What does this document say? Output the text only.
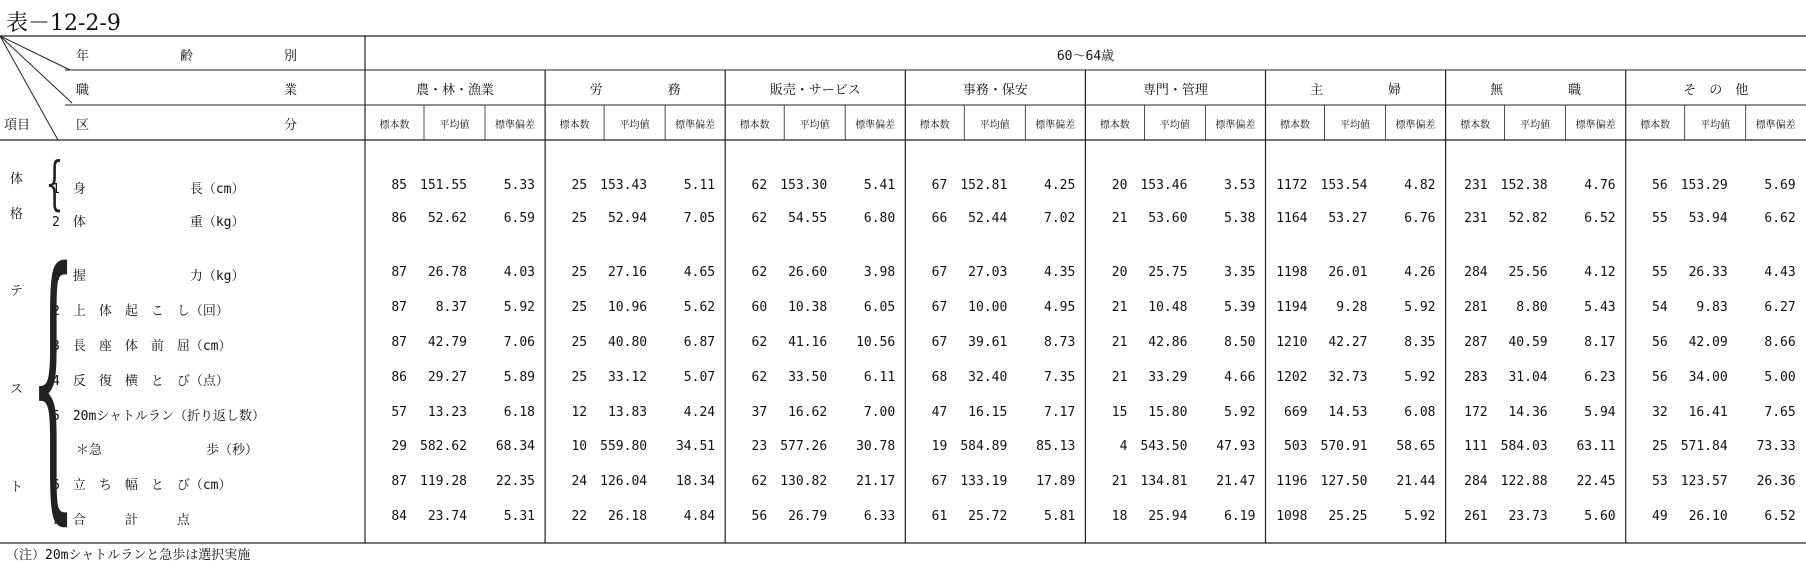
表－12-2-9
年　　　　　　　齢　　　　　　　別
職　　　　　　　　　　　　　　　業
区　　　　　　　　　　　　　　　分
項目
60～64歳
農・林・漁業
標本数	平均値	標準偏差
労　　　　　務
標本数	平均値	標準偏差
販売・サービス
標本数	平均値	標準偏差
事務・保安
標本数	平均値	標準偏差
専門・管理
標本数	平均値	標準偏差
主　　　　　婦
標本数	平均値	標準偏差
無　　　　　職
標本数	平均値	標準偏差
そ　の　他
標本数	平均値	標準偏差
1　身　　　　　　　　長（cm）	85 151.55	5.33	25 153.43	5.11	62 153.30	5.41	67 152.81	4.25	20 153.46	3.53 1172 153.54	4.82 231 152.38	4.76	56 153.29	5.69
2　体　　　　　　　　重（kg）	86 52.62	6.59	25 52.94	7.05	62 54.55	6.80	66 52.44	7.02	21 53.60	5.38 1164 53.27	6.76 231 52.82	6.52	55 53.94	6.62
1　握　　　　　　　　力（kg）	87 26.78	4.03	25 27.16	4.65	62 26.60	3.98	67 27.03	4.35	20 25.75	3.35 1198 26.01	4.26 284 25.56	4.12	55 26.33	4.43
2　上　体　起　こ　し（回）	87 8.37	5.92	25 10.96	5.62	60 10.38	6.05	67 10.00	4.95	21 10.48	5.39 1194 9.28	5.92 281 8.80	5.43	54 9.83	6.27
3　長　座　体　前　屈（cm）	87 42.79	7.06	25 40.80	6.87	62 41.16 10.56	67 39.61	8.73	21 42.86	8.50 1210 42.27	8.35 287 40.59	8.17	56 42.09	8.66
4　反　復　横　と　び（点）	86 29.27	5.89	25 33.12	5.07	62 33.50	6.11	68 32.40	7.35	21 33.29	4.66 1202 32.73	5.92 283 31.04	6.23	56 34.00	5.00
5　20mシャトルラン（折り返し数）	57 13.23	6.18	12 13.83	4.24	37 16.62	7.00	47 16.15	7.17	15 15.80	5.92 669 14.53	6.08 172 14.36	5.94	32 16.41	7.65
＊急　　　　　　　　歩（秒）	29 582.62 68.34	10 559.80 34.51	23 577.26 30.78	19 584.89 85.13	4 543.50 47.93 503 570.91 58.65 111 584.03 63.11	25 571.84 73.33
6　立　ち　幅　と　び（cm）	87 119.28 22.35	24 126.04 18.34	62 130.82 21.17	67 133.19 17.89	21 134.81 21.47 1196 127.50 21.44 284 122.88 22.45	53 123.57 26.36
7　合　　　計　　　点	84 23.74	5.31	22 26.18	4.84	56 26.79	6.33	61 25.72	5.81	18 25.94	6.19 1098 25.25	5.92 261 23.73	5.60	49 26.10	6.52
体
格 {
テ
ス
ト {
（注）20mシャトルランと急歩は選択実施
